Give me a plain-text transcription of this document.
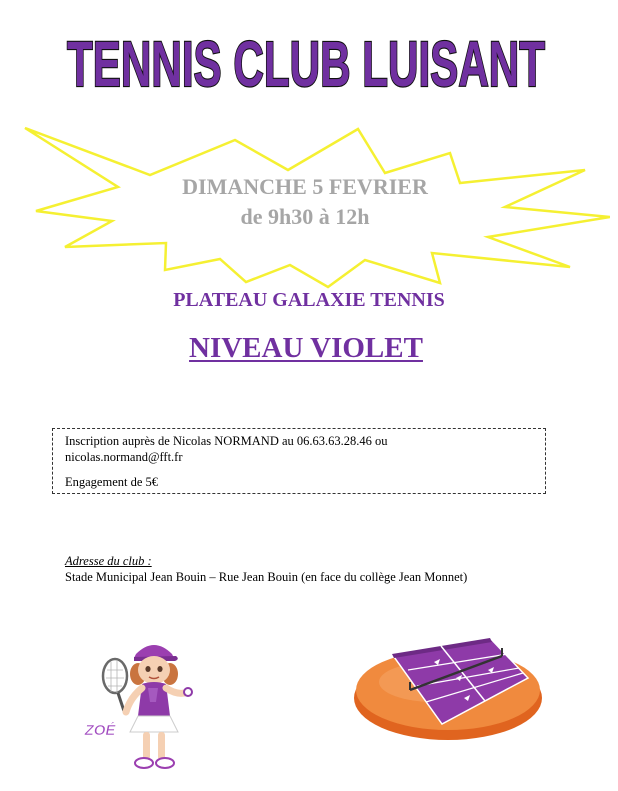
TENNIS CLUB LUISANT
DIMANCHE 5 FEVRIER
de 9h30 à 12h
PLATEAU GALAXIE TENNIS
NIVEAU VIOLET
Inscription auprès de Nicolas NORMAND au 06.63.63.28.46 ou
nicolas.normand@fft.fr
Engagement de 5€
Adresse du club :
Stade Municipal Jean Bouin – Rue Jean Bouin (en face du collège Jean Monnet)
ZOÉ
